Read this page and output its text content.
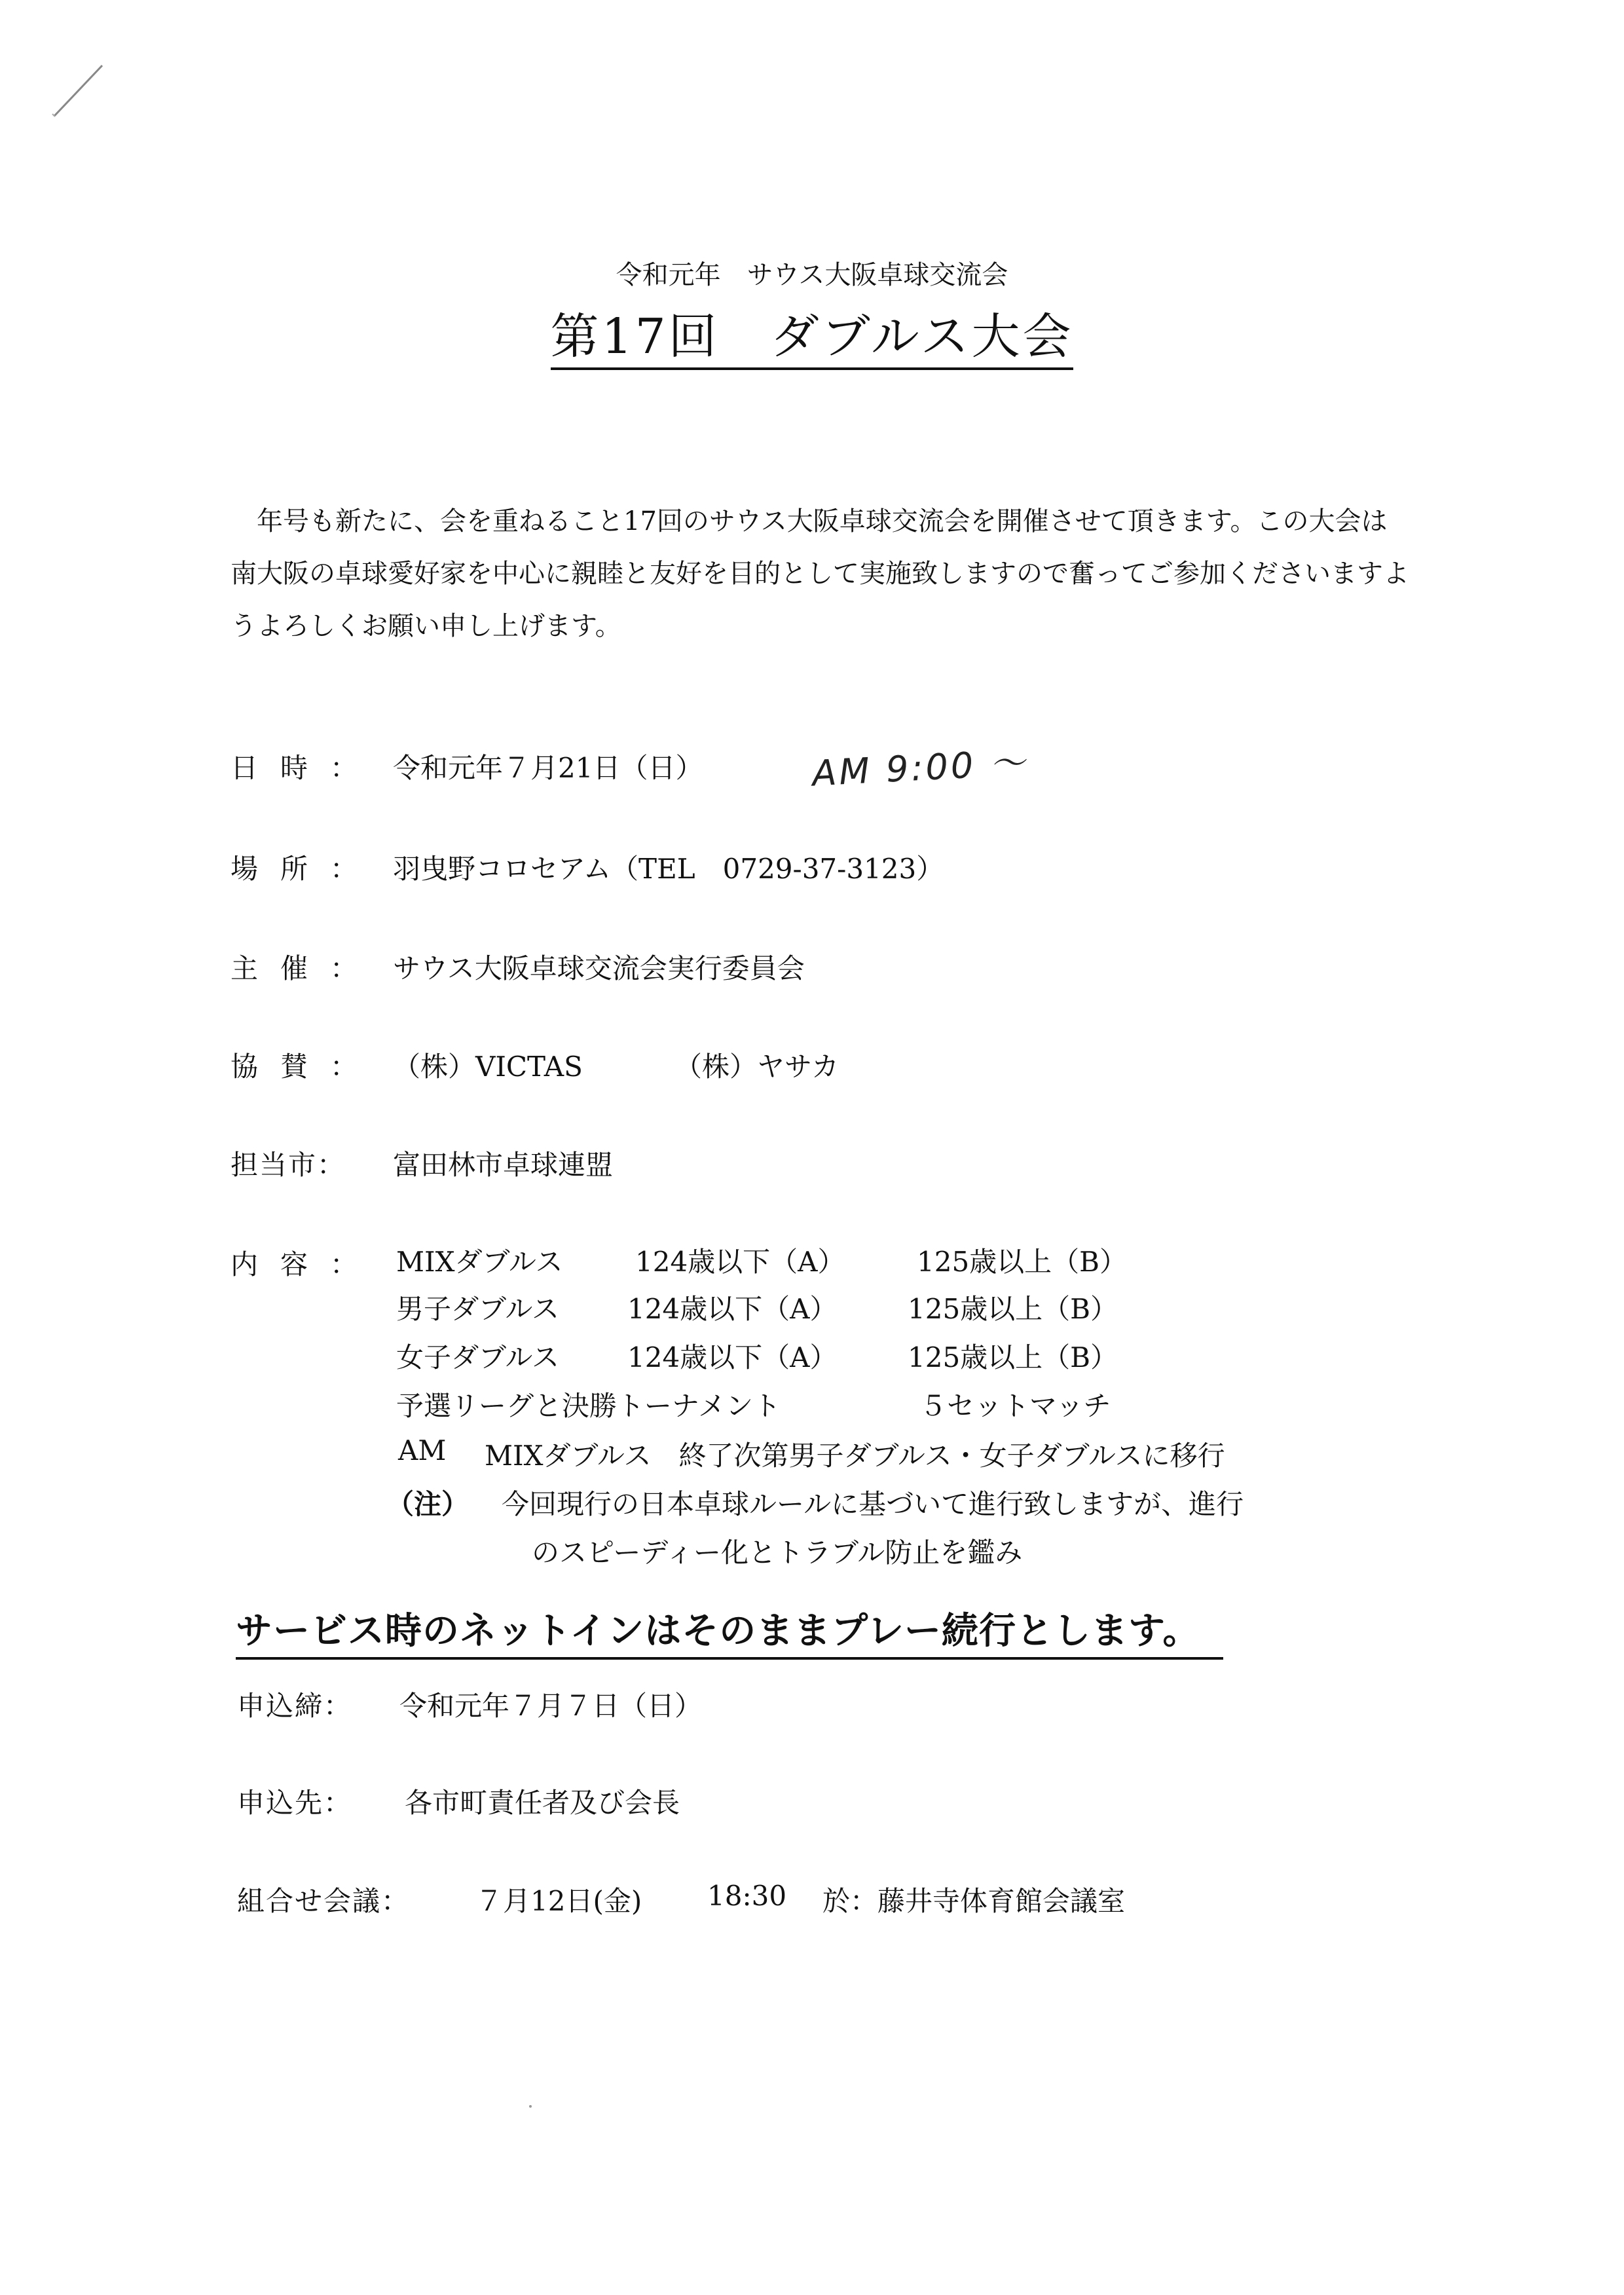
令和元年　サウス大阪卓球交流会
第17回　ダブルス大会

年号も新たに、会を重ねること17回のサウス大阪卓球交流会を開催させて頂きます。この大会は南大阪の卓球愛好家を中心に親睦と友好を目的として実施致しますので奮ってご参加くださいますようよろしくお願い申し上げます。

日時： 令和元年７月21日（日）	AM 9:00 ～
場所： 羽曳野コロセアム（TEL　0729-37-3123）
主催： サウス大阪卓球交流会実行委員会
協賛： （株）VICTAS	（株）ヤサカ
担当市： 富田林市卓球連盟
内容： MIXダブルス	124歳以下（A）	125歳以上（B）
男子ダブルス 124歳以下（A）	125歳以上（B）
女子ダブルス 124歳以下（A）	125歳以上（B）
予選リーグと決勝トーナメント	５セットマッチ
AM MIXダブルス　終了次第男子ダブルス・女子ダブルスに移行
（注） 今回現行の日本卓球ルールに基づいて進行致しますが、進行
のスピーディー化とトラブル防止を鑑み
サービス時のネットインはそのままプレー続行とします。
申込締： 令和元年７月７日（日）
申込先： 各市町責任者及び会長
組合せ会議： ７月12日(金) 18:30 於：藤井寺体育館会議室
